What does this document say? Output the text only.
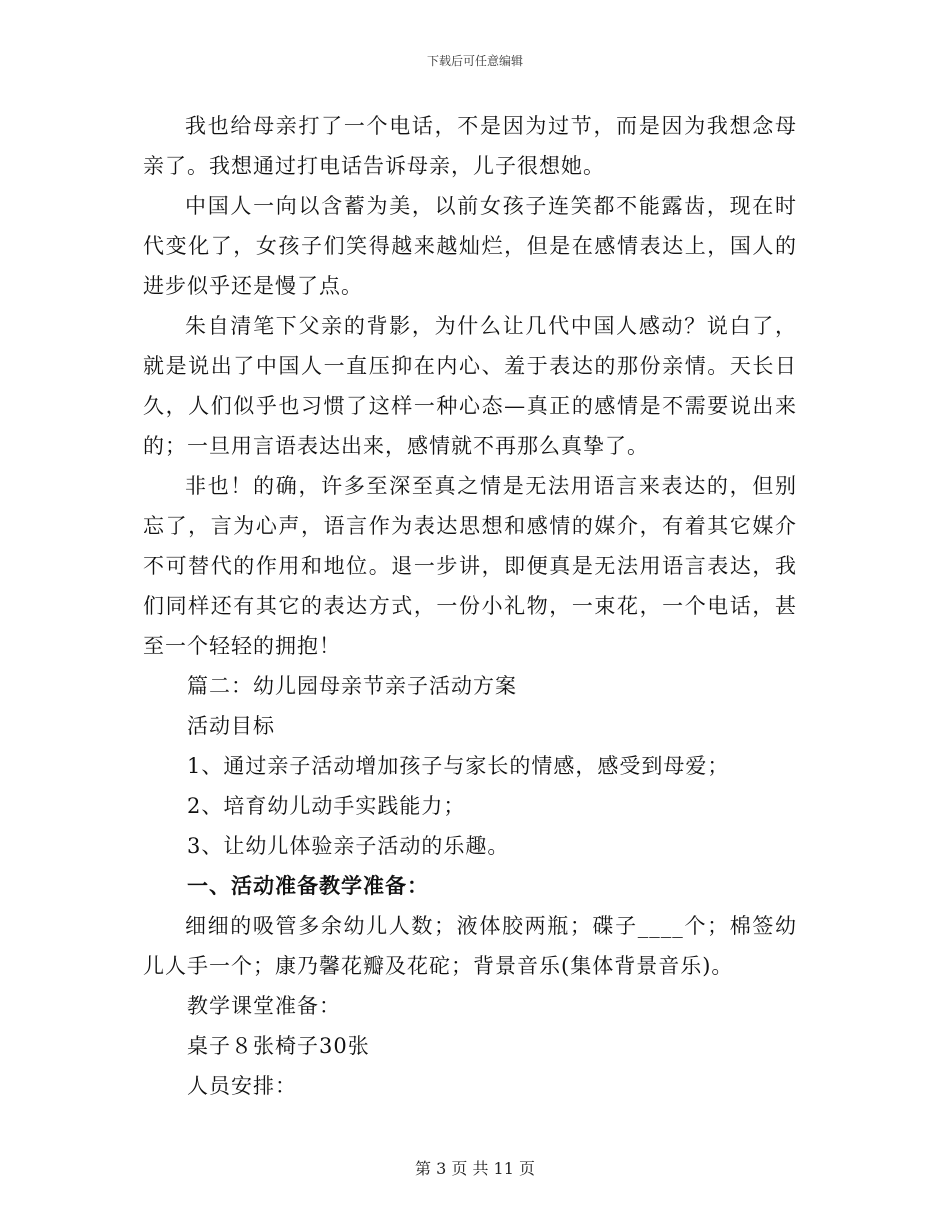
下载后可任意编辑

我也给母亲打了一个电话，不是因为过节，而是因为我想念母亲了。我想通过打电话告诉母亲，儿子很想她。

中国人一向以含蓄为美，以前女孩子连笑都不能露齿，现在时代变化了，女孩子们笑得越来越灿烂，但是在感情表达上，国人的进步似乎还是慢了点。

朱自清笔下父亲的背影，为什么让几代中国人感动？说白了，就是说出了中国人一直压抑在内心、羞于表达的那份亲情。天长日久，人们似乎也习惯了这样一种心态—真正的感情是不需要说出来的；一旦用言语表达出来，感情就不再那么真挚了。

非也！的确，许多至深至真之情是无法用语言来表达的，但别忘了，言为心声，语言作为表达思想和感情的媒介，有着其它媒介不可替代的作用和地位。退一步讲，即便真是无法用语言表达，我们同样还有其它的表达方式，一份小礼物，一束花，一个电话，甚至一个轻轻的拥抱！

篇二：幼儿园母亲节亲子活动方案

活动目标

1、通过亲子活动增加孩子与家长的情感，感受到母爱；

2、培育幼儿动手实践能力；

3、让幼儿体验亲子活动的乐趣。

一、活动准备教学准备：

细细的吸管多余幼儿人数；液体胶两瓶；碟子____个；棉签幼儿人手一个；康乃馨花瓣及花砣；背景音乐(集体背景音乐)。

教学课堂准备：

桌子８张椅子30张

人员安排：

第 3 页 共 11 页
